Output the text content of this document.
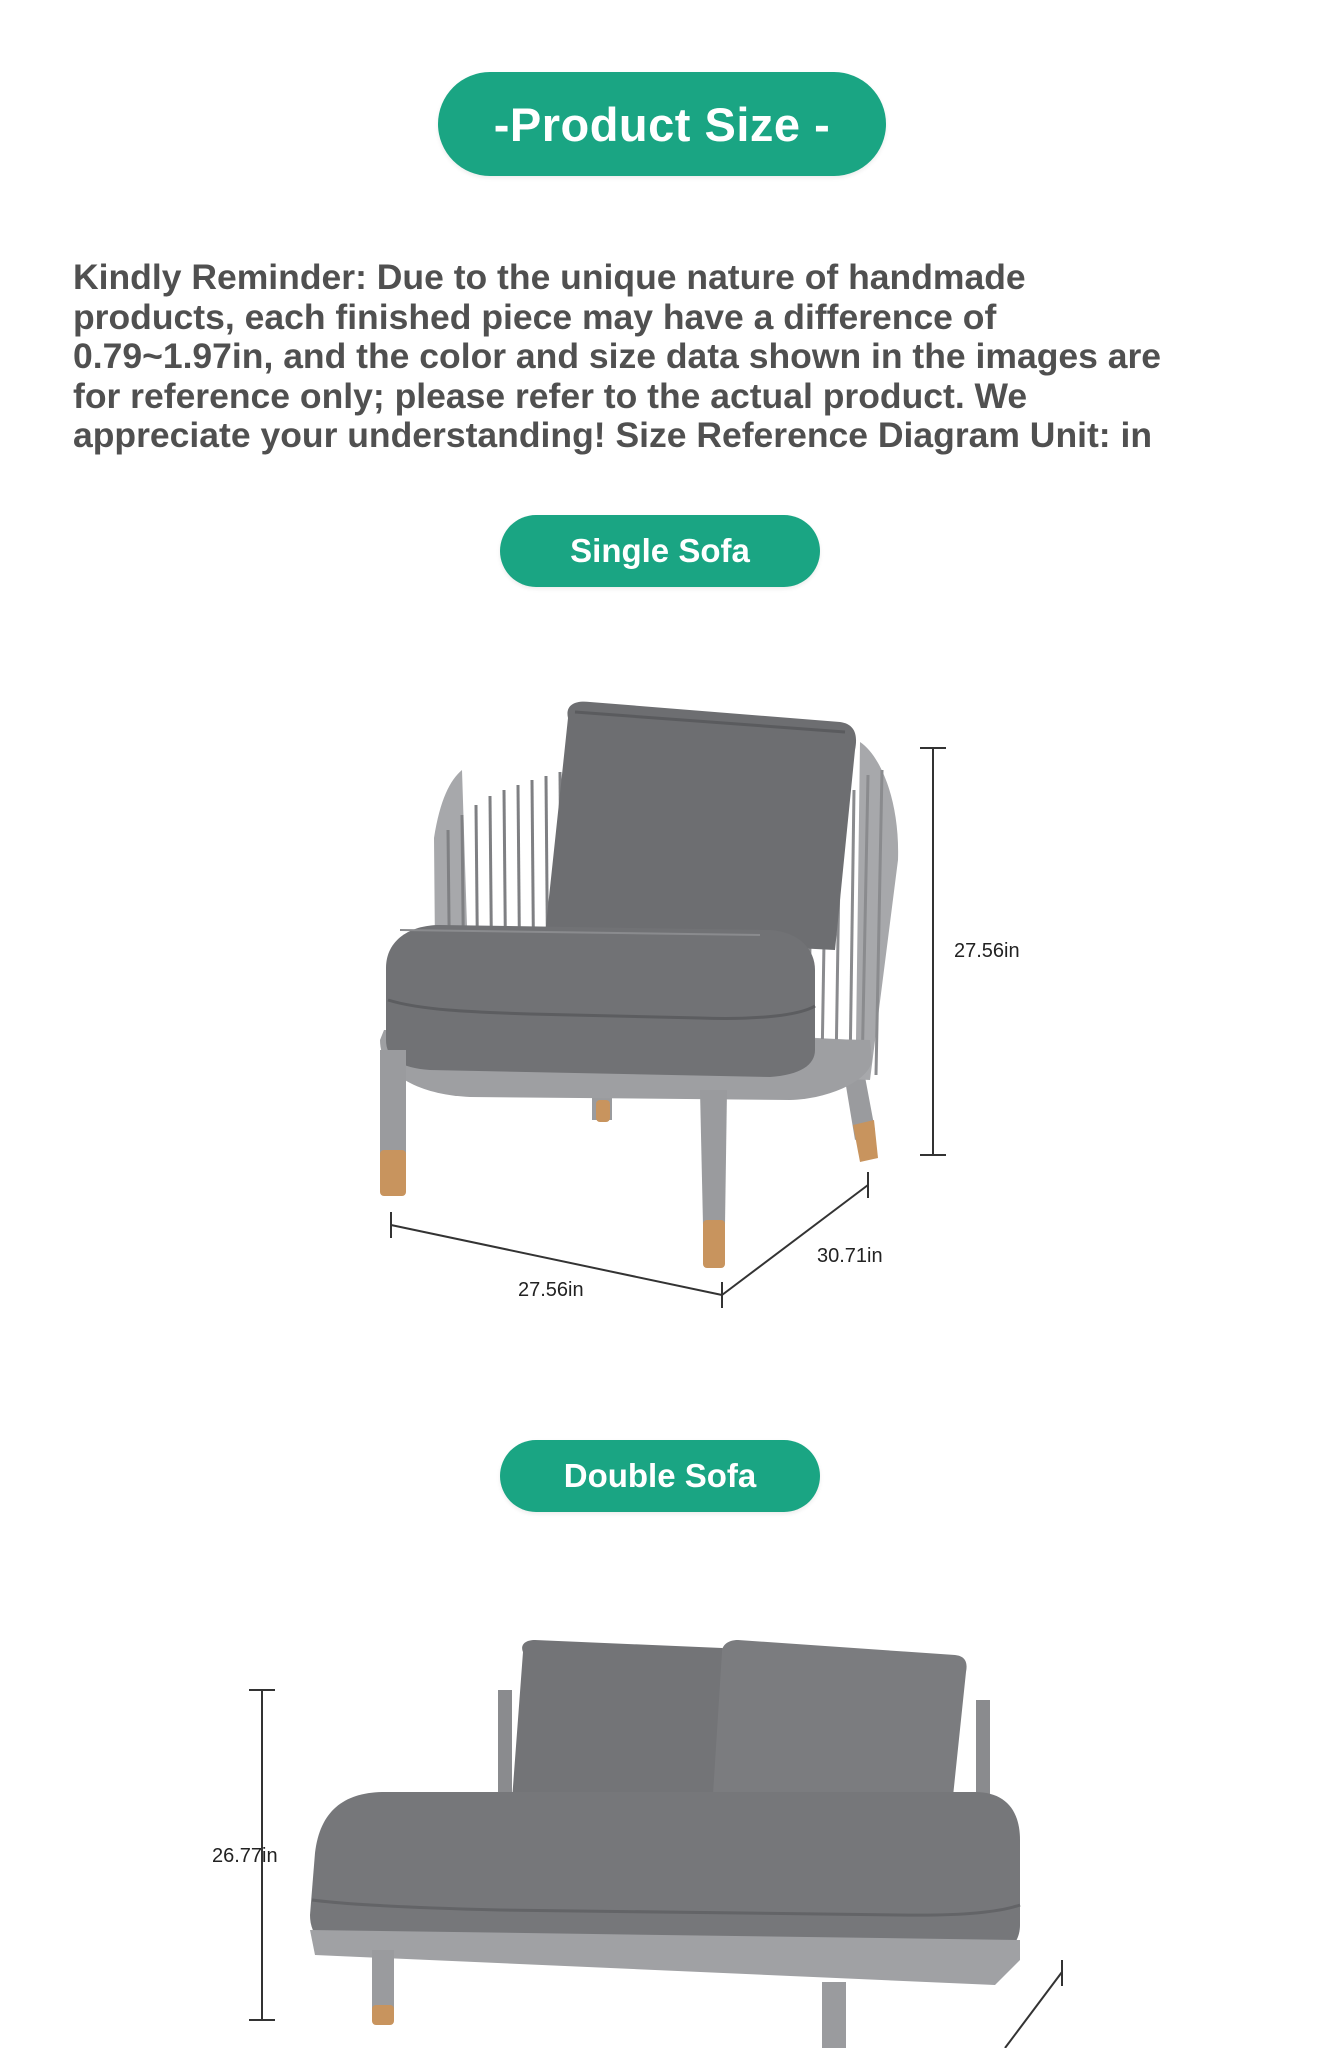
- Product Size -

Kindly Reminder: Due to the unique nature of handmade products, each finished piece may have a difference of 0.79~1.97in, and the color and size data shown in the images are for reference only; please refer to the actual product. We appreciate your understanding! Size Reference Diagram Unit: in

Single Sofa
27.56in
27.56in
30.71in
Double Sofa
26.77in
